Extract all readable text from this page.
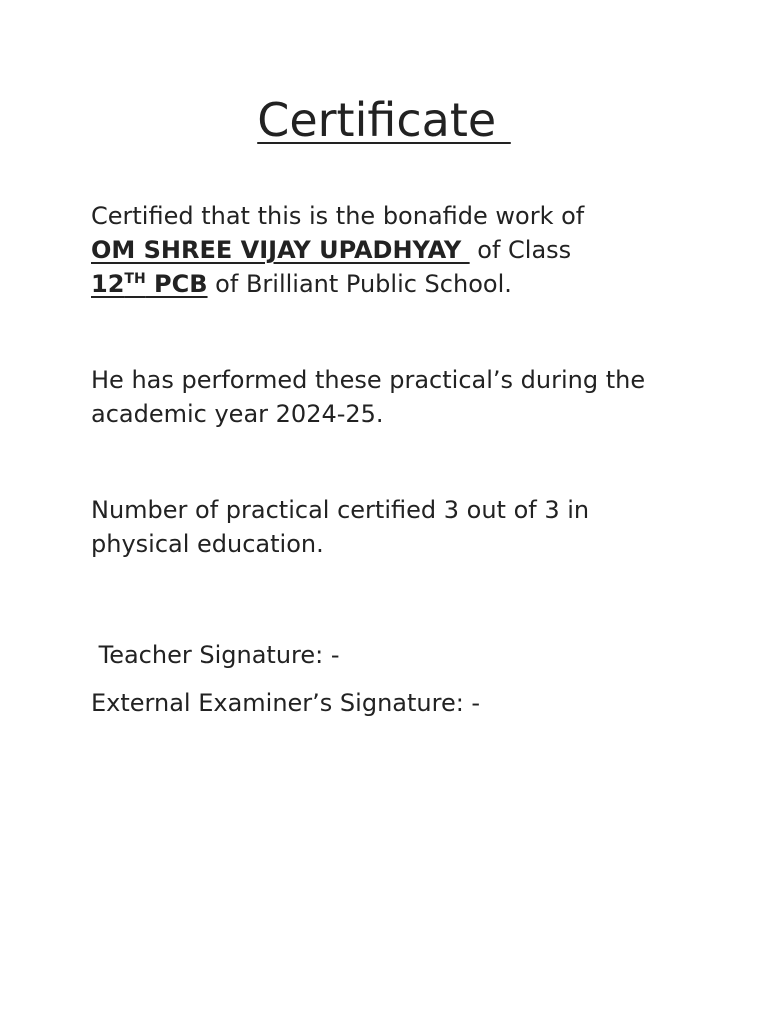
Certificate

Certified that this is the bonafide work of OM SHREE VIJAY UPADHYAY  of Class 12TH PCB of Brilliant Public School.

He has performed these practical’s during the academic year 2024-25.

Number of practical certified 3 out of 3 in physical education.

Teacher Signature: -

External Examiner’s Signature: -
